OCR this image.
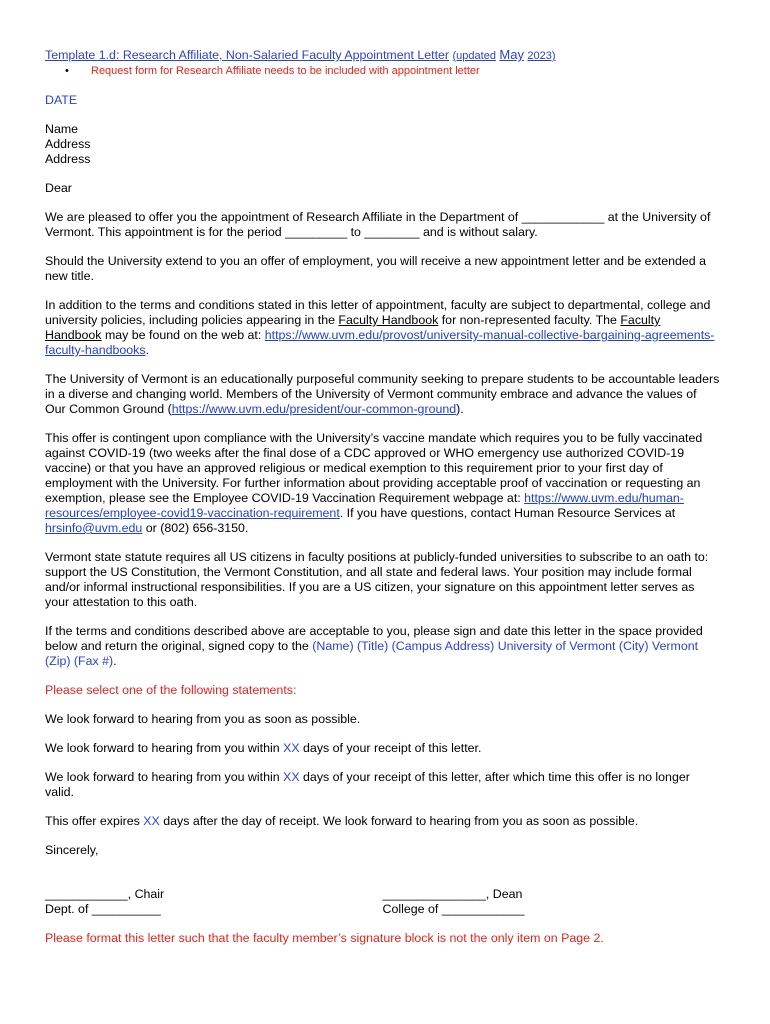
Template 1.d: Research Affiliate, Non-Salaried Faculty Appointment Letter (updated May 2023)

•	Request form for Research Affiliate needs to be included with appointment letter

DATE

Name

Address

Address

Dear

We are pleased to offer you the appointment of Research Affiliate in the Department of ____________ at the University of Vermont. This appointment is for the period _________ to ________ and is without salary.

Should the University extend to you an offer of employment, you will receive a new appointment letter and be extended a new title.

In addition to the terms and conditions stated in this letter of appointment, faculty are subject to departmental, college and university policies, including policies appearing in the Faculty Handbook for non-represented faculty. The Faculty Handbook may be found on the web at: https://www.uvm.edu/provost/university-manual-collective-bargaining-agreements-faculty-handbooks.

The University of Vermont is an educationally purposeful community seeking to prepare students to be accountable leaders in a diverse and changing world. Members of the University of Vermont community embrace and advance the values of Our Common Ground (https://www.uvm.edu/president/our-common-ground).

This offer is contingent upon compliance with the University’s vaccine mandate which requires you to be fully vaccinated against COVID-19 (two weeks after the final dose of a CDC approved or WHO emergency use authorized COVID-19 vaccine) or that you have an approved religious or medical exemption to this requirement prior to your first day of employment with the University. For further information about providing acceptable proof of vaccination or requesting an exemption, please see the Employee COVID-19 Vaccination Requirement webpage at: https://www.uvm.edu/human-resources/employee-covid19-vaccination-requirement. If you have questions, contact Human Resource Services at hrsinfo@uvm.edu or (802) 656-3150.

Vermont state statute requires all US citizens in faculty positions at publicly-funded universities to subscribe to an oath to: support the US Constitution, the Vermont Constitution, and all state and federal laws. Your position may include formal and/or informal instructional responsibilities. If you are a US citizen, your signature on this appointment letter serves as your attestation to this oath.

If the terms and conditions described above are acceptable to you, please sign and date this letter in the space provided below and return the original, signed copy to the (Name) (Title) (Campus Address) University of Vermont (City) Vermont (Zip) (Fax #).

Please select one of the following statements:

We look forward to hearing from you as soon as possible.

We look forward to hearing from you within XX days of your receipt of this letter.

We look forward to hearing from you within XX days of your receipt of this letter, after which time this offer is no longer valid.

This offer expires XX days after the day of receipt. We look forward to hearing from you as soon as possible.

Sincerely,

____________, Chair

Dept. of __________

_______________, Dean

College of ____________

Please format this letter such that the faculty member’s signature block is not the only item on Page 2.
